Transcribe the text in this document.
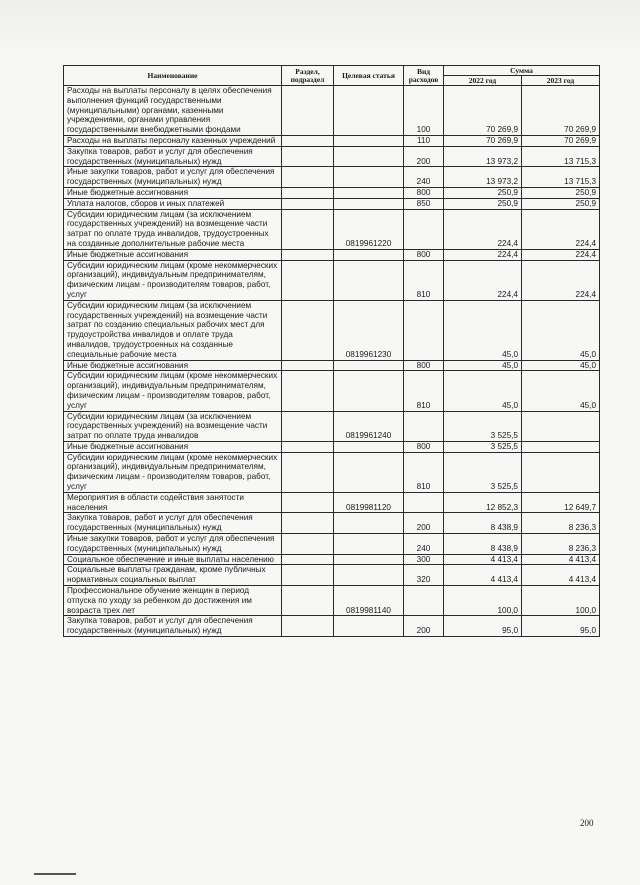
Наименование	Раздел, подраздел	Целевая статья	Вид расходов	Сумма	
				2022 год	2023 год
Расходы на выплаты персоналу в целях обеспечения выполнения функций государственными (муниципальными) органами, казенными учреждениями, органами управления государственными внебюджетными фондами			100	70 269,9	70 269,9
Расходы на выплаты персоналу казенных учреждений			110	70 269,9	70 269,9
Закупка товаров, работ и услуг для обеспечения государственных (муниципальных) нужд			200	13 973,2	13 715,3
Иные закупки товаров, работ и услуг для обеспечения государственных (муниципальных) нужд			240	13 973,2	13 715,3
Иные бюджетные ассигнования			800	250,9	250,9
Уплата налогов, сборов и иных платежей			850	250,9	250,9
Субсидии юридическим лицам (за исключением государственных учреждений) на возмещение части затрат по оплате труда инвалидов, трудоустроенных на созданные дополнительные рабочие места		0819961220		224,4	224,4
Иные бюджетные ассигнования			800	224,4	224,4
Субсидии юридическим лицам (кроме некоммерческих организаций), индивидуальным предпринимателям, физическим лицам - производителям товаров, работ, услуг			810	224,4	224,4
Субсидии юридическим лицам (за исключением государственных учреждений) на возмещение части затрат по созданию специальных рабочих мест для трудоустройства инвалидов и оплате труда инвалидов, трудоустроенных на созданные специальные рабочие места		0819961230		45,0	45,0
Иные бюджетные ассигнования			800	45,0	45,0
Субсидии юридическим лицам (кроме некоммерческих организаций), индивидуальным предпринимателям, физическим лицам - производителям товаров, работ, услуг			810	45,0	45,0
Субсидии юридическим лицам (за исключением государственных учреждений) на возмещение части затрат по оплате труда инвалидов		0819961240		3 525,5	
Иные бюджетные ассигнования			800	3 525,5	
Субсидии юридическим лицам (кроме некоммерческих организаций), индивидуальным предпринимателям, физическим лицам - производителям товаров, работ, услуг			810	3 525,5	
Мероприятия в области содействия занятости населения		0819981120		12 852,3	12 649,7
Закупка товаров, работ и услуг для обеспечения государственных (муниципальных) нужд			200	8 438,9	8 236,3
Иные закупки товаров, работ и услуг для обеспечения государственных (муниципальных) нужд			240	8 438,9	8 236,3
Социальное обеспечение и иные выплаты населению			300	4 413,4	4 413,4
Социальные выплаты гражданам, кроме публичных нормативных социальных выплат			320	4 413,4	4 413,4
Профессиональное обучение женщин в период отпуска по уходу за ребенком до достижения им возраста трех лет		0819981140		100,0	100,0
Закупка товаров, работ и услуг для обеспечения государственных (муниципальных) нужд			200	95,0	95,0
200
